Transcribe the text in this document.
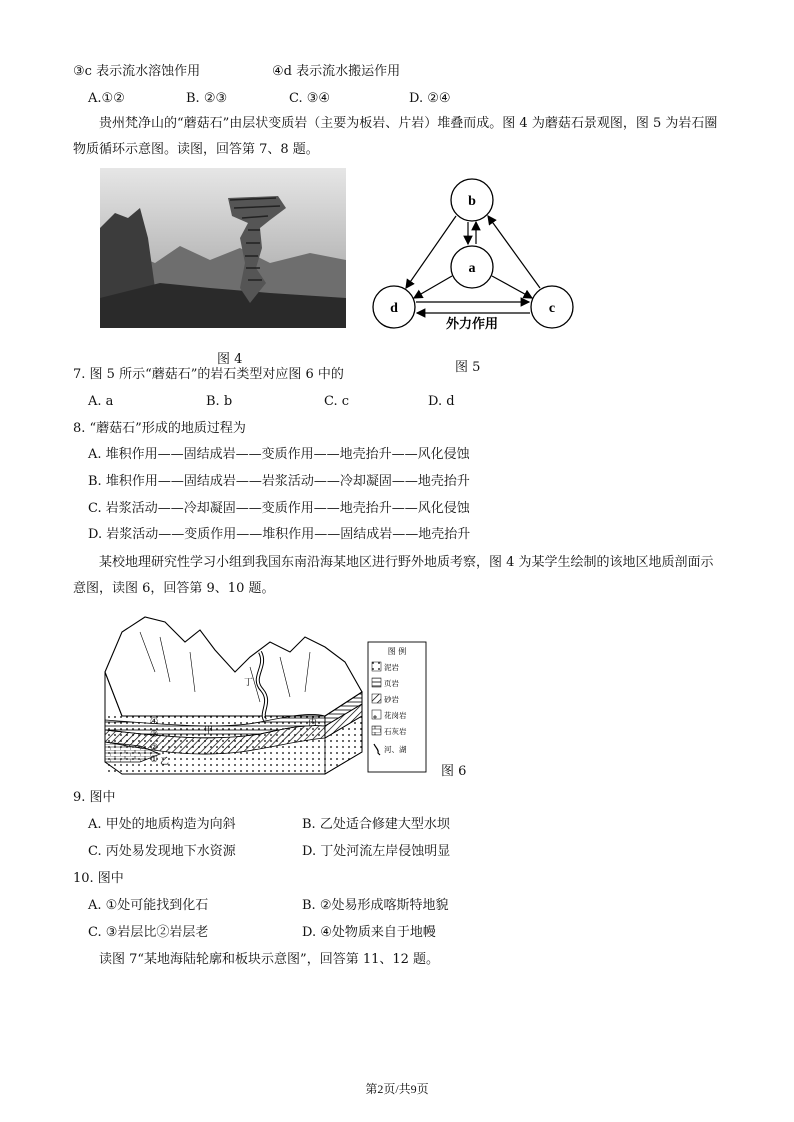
③c 表示流水溶蚀作用	④d 表示流水搬运作用
A.①②	B. ②③	C. ③④	D. ②④
贵州梵净山的“蘑菇石”由层状变质岩（主要为板岩、片岩）堆叠而成。图 4 为蘑菇石景观图，图 5 为岩石圈物质循环示意图。读图，回答第 7、8 题。
图 4
b
a
d	c
外力作用
图 5
7. 图 5 所示“蘑菇石”的岩石类型对应图 6 中的
A. a	B. b	C. c	D. d
8. “蘑菇石”形成的地质过程为
A. 堆积作用——固结成岩——变质作用——地壳抬升——风化侵蚀
B. 堆积作用——固结成岩——岩浆活动——冷却凝固——地壳抬升
C. 岩浆活动——冷却凝固——变质作用——地壳抬升——风化侵蚀
D. 岩浆活动——变质作用——堆积作用——固结成岩——地壳抬升
某校地理研究性学习小组到我国东南沿海某地区进行野外地质考察，图 4 为某学生绘制的该地区地质剖面示意图，读图 6，回答第 9、10 题。
丁
甲
丙
乙
④
③
②
①
图 例
泥岩
页岩
砂岩
花岗岩
石灰岩
河、湖
图 6
9. 图中
A. 甲处的地质构造为向斜	B. 乙处适合修建大型水坝
C. 丙处易发现地下水资源	D. 丁处河流左岸侵蚀明显
10. 图中
A. ①处可能找到化石	B. ②处易形成喀斯特地貌
C. ③岩层比②岩层老	D. ④处物质来自于地幔
读图 7“某地海陆轮廓和板块示意图”，回答第 11、12 题。
第2页/共9页
